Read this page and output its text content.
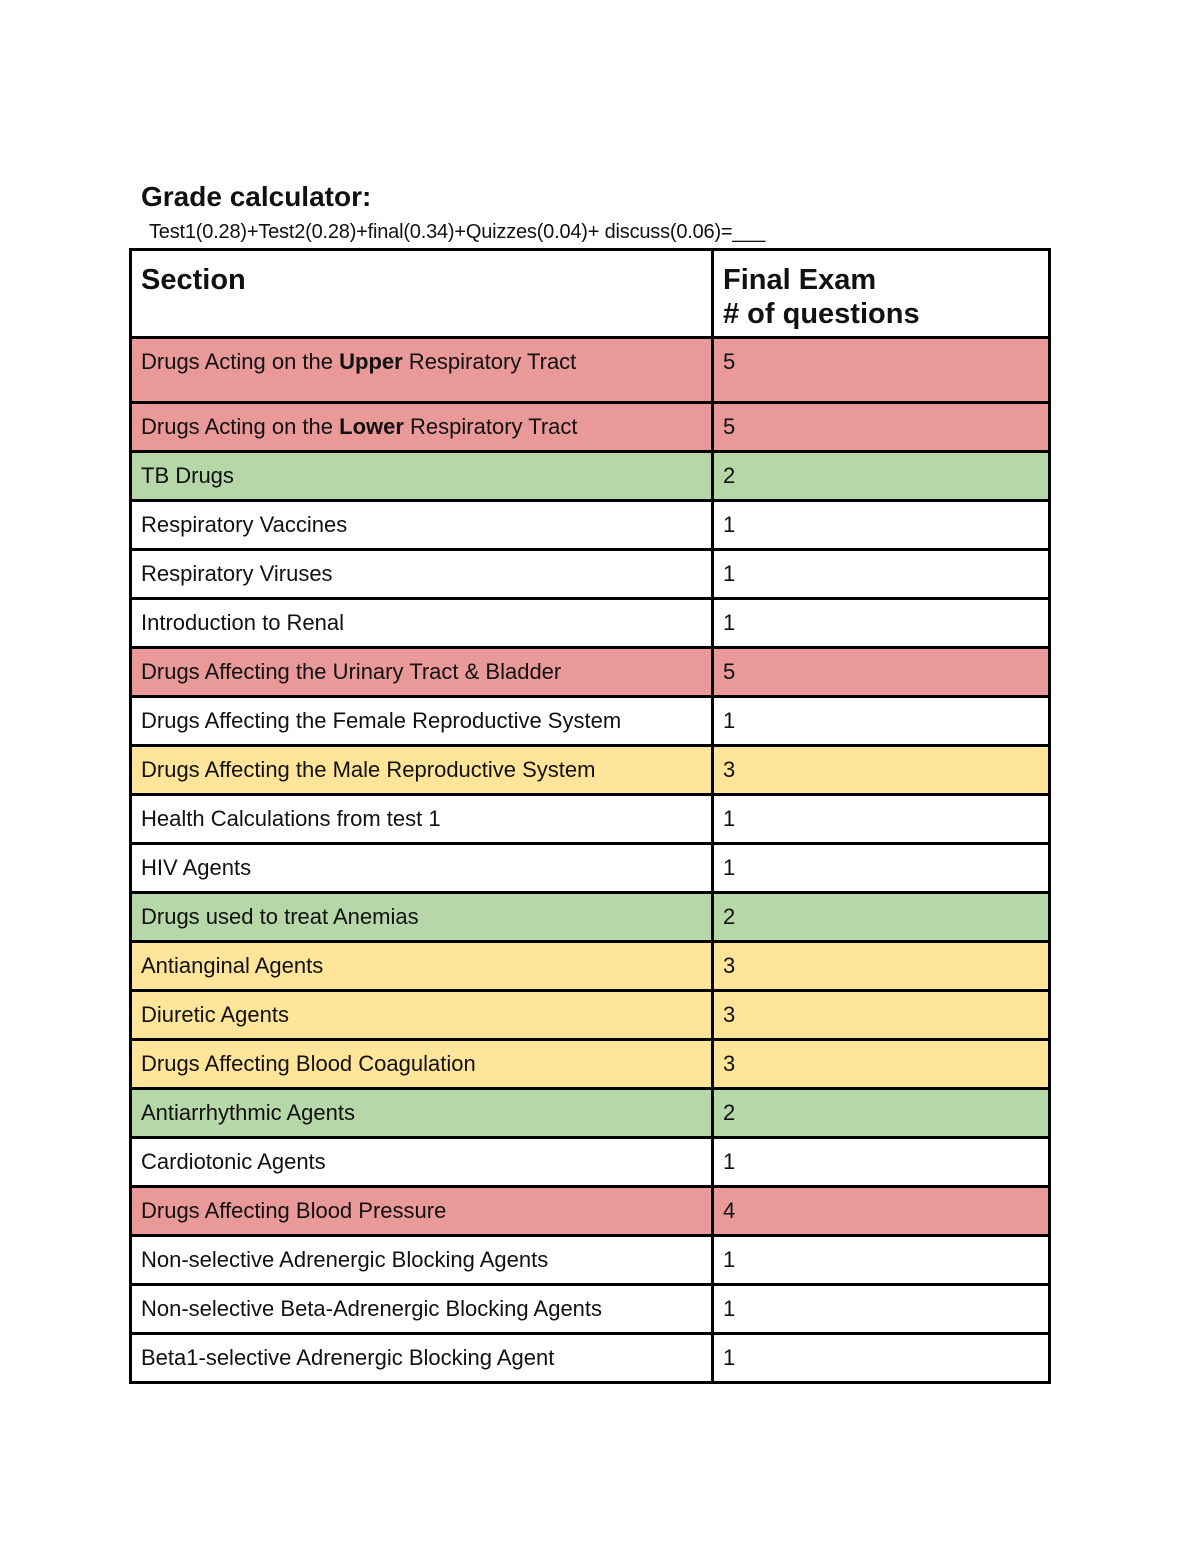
Grade calculator:
Test1(0.28)+Test2(0.28)+final(0.34)+Quizzes(0.04)+ discuss(0.06)=___
Section	Final Exam
# of questions

Drugs Acting on the Upper Respiratory Tract	5
Drugs Acting on the Lower Respiratory Tract	5
TB Drugs	2
Respiratory Vaccines	1
Respiratory Viruses	1
Introduction to Renal	1
Drugs Affecting the Urinary Tract & Bladder	5
Drugs Affecting the Female Reproductive System	1
Drugs Affecting the Male Reproductive System	3
Health Calculations from test 1	1
HIV Agents	1
Drugs used to treat Anemias	2
Antianginal Agents	3
Diuretic Agents	3
Drugs Affecting Blood Coagulation	3
Antiarrhythmic Agents	2
Cardiotonic Agents	1
Drugs Affecting Blood Pressure	4
Non-selective Adrenergic Blocking Agents	1
Non-selective Beta-Adrenergic Blocking Agents	1
Beta1-selective Adrenergic Blocking Agent	1
